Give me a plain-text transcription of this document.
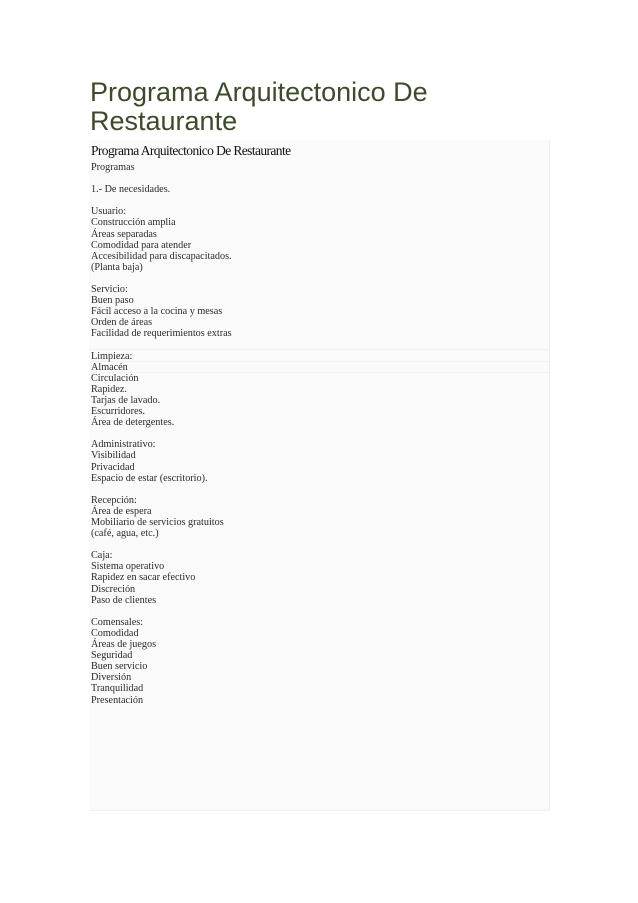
Programa Arquitectonico De Restaurante
Programa Arquitectonico De Restaurante
Programas
1.- De necesidades.
Usuario:
Construcción amplia
Áreas separadas
Comodidad para atender
Accesibilidad para discapacitados.
(Planta baja)
Servicio:
Buen paso
Fácil acceso a la cocina y mesas
Orden de áreas
Facilidad de requerimientos extras
Limpieza:
Almacén
Circulación
Rapidez.
Tarjas de lavado.
Escurridores.
Área de detergentes.
Administrativo:
Visibilidad
Privacidad
Espacio de estar (escritorio).
Recepción:
Área de espera
Mobiliario de servicios gratuitos
(café, agua, etc.)
Caja:
Sistema operativo
Rapidez en sacar efectivo
Discreción
Paso de clientes
Comensales:
Comodidad
Áreas de juegos
Seguridad
Buen servicio
Diversión
Tranquilidad
Presentación
